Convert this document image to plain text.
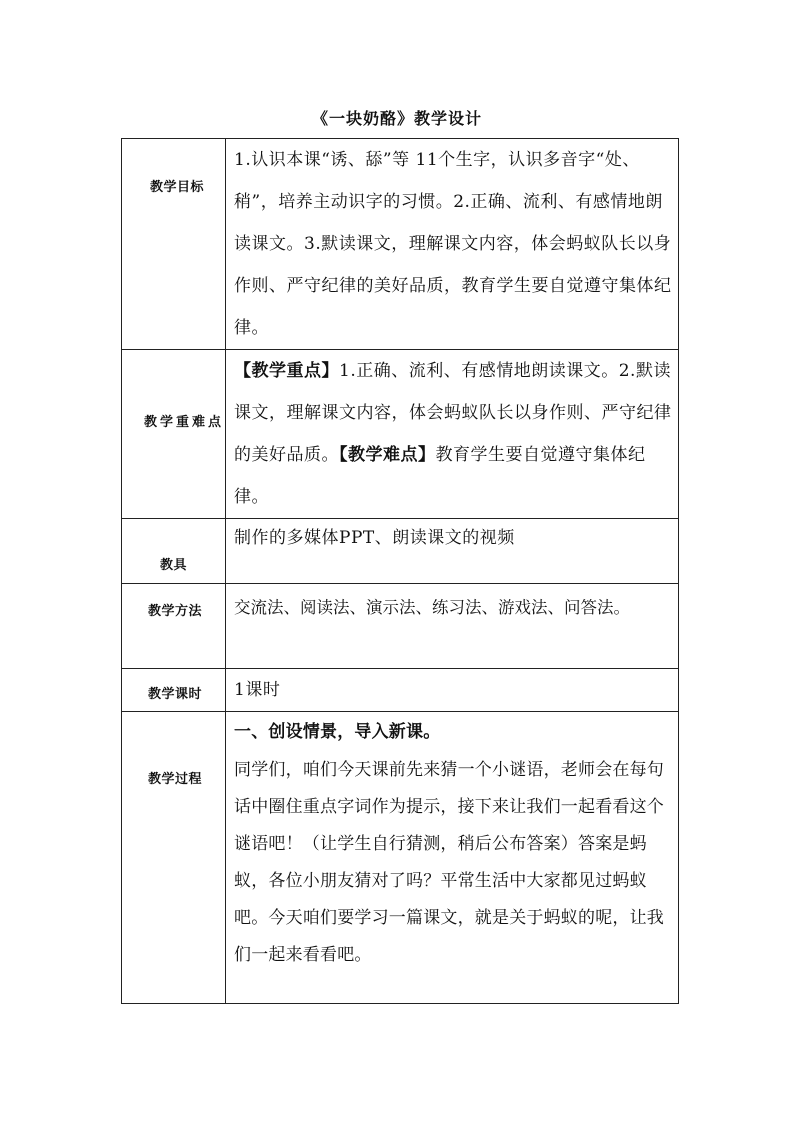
《一块奶酪》教学设计
教学目标	1.认识本课“诱、舔”等 11个生字，认识多音字“处、稍”，培养主动识字的习惯。2.正确、流利、有感情地朗读课文。3.默读课文，理解课文内容，体会蚂蚁队长以身作则、严守纪律的美好品质，教育学生要自觉遵守集体纪律。

教学重难点	【教学重点】1.正确、流利、有感情地朗读课文。2.默读课文，理解课文内容，体会蚂蚁队长以身作则、严守纪律的美好品质。【教学难点】教育学生要自觉遵守集体纪律。

教具	制作的多媒体PPT、朗读课文的视频

教学方法	交流法、阅读法、演示法、练习法、游戏法、问答法。

教学课时	1课时

教学过程	一、创设情景，导入新课。
同学们，咱们今天课前先来猜一个小谜语，老师会在每句话中圈住重点字词作为提示，接下来让我们一起看看这个谜语吧！（让学生自行猜测，稍后公布答案）答案是蚂蚁，各位小朋友猜对了吗？平常生活中大家都见过蚂蚁吧。今天咱们要学习一篇课文，就是关于蚂蚁的呢，让我们一起来看看吧。
